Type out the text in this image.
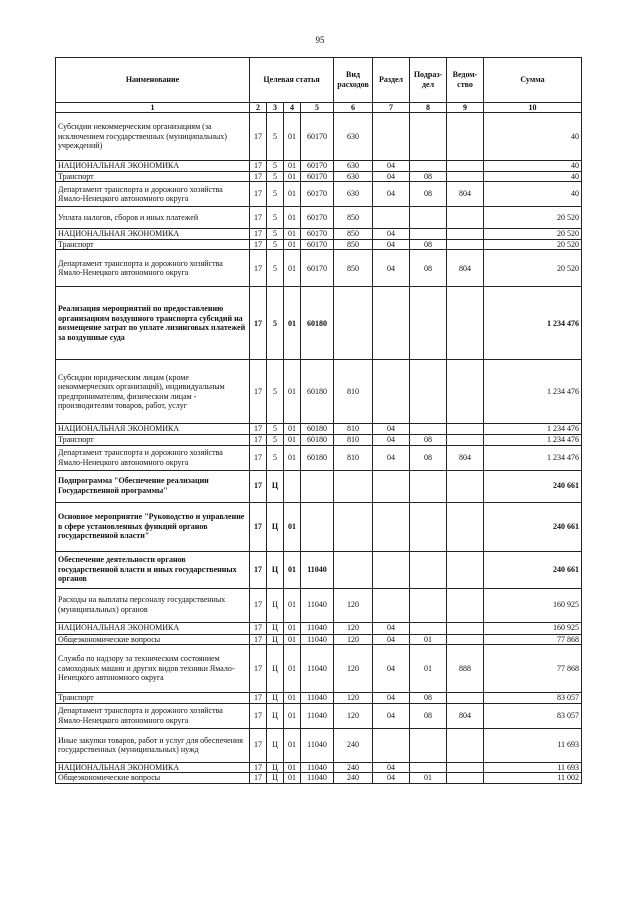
95
Наименование	Целевая статья				Вид расходов	Раздел	Подраз-дел	Ведом-ство	Сумма
1	2	3	4	5	6	7	8	9	10
Субсидии некоммерческим организациям (за исключением государственных (муниципальных) учреждений)	17	5	01	60170	630				40
НАЦИОНАЛЬНАЯ ЭКОНОМИКА	17	5	01	60170	630	04			40
Транспорт	17	5	01	60170	630	04	08		40
Департамент транспорта и дорожного хозяйства Ямало-Ненецкого автономного округа	17	5	01	60170	630	04	08	804	40
Уплата налогов, сборов и иных платежей	17	5	01	60170	850				20 520
НАЦИОНАЛЬНАЯ ЭКОНОМИКА	17	5	01	60170	850	04			20 520
Транспорт	17	5	01	60170	850	04	08		20 520
Департамент транспорта и дорожного хозяйства Ямало-Ненецкого автономного округа	17	5	01	60170	850	04	08	804	20 520
Реализация мероприятий по предоставлению организациям воздушного транспорта субсидий на возмещение затрат по уплате лизинговых платежей за воздушные суда	17	5	01	60180					1 234 476
Субсидии юридическим лицам (кроме некоммерческих организаций), индивидуальным предпринимателям, физическим лицам - производителям товаров, работ, услуг	17	5	01	60180	810				1 234 476
НАЦИОНАЛЬНАЯ ЭКОНОМИКА	17	5	01	60180	810	04			1 234 476
Транспорт	17	5	01	60180	810	04	08		1 234 476
Департамент транспорта и дорожного хозяйства Ямало-Ненецкого автономного округа	17	5	01	60180	810	04	08	804	1 234 476
Подпрограмма "Обеспечение реализации Государственной программы"	17	Ц							240 661
Основное мероприятие "Руководство и управление в сфере установленных функций органов государственной власти"	17	Ц	01						240 661
Обеспечение деятельности органов государственной власти и иных государственных органов	17	Ц	01	11040					240 661
Расходы на выплаты персоналу государственных (муниципальных) органов	17	Ц	01	11040	120				160 925
НАЦИОНАЛЬНАЯ ЭКОНОМИКА	17	Ц	01	11040	120	04			160 925
Общеэкономические вопросы	17	Ц	01	11040	120	04	01		77 868
Служба по надзору за техническим состоянием самоходных машин и других видов техники Ямало-Ненецкого автономного округа	17	Ц	01	11040	120	04	01	888	77 868
Транспорт	17	Ц	01	11040	120	04	08		83 057
Департамент транспорта и дорожного хозяйства Ямало-Ненецкого автономного округа	17	Ц	01	11040	120	04	08	804	83 057
Иные закупки товаров, работ и услуг для обеспечения государственных (муниципальных) нужд	17	Ц	01	11040	240				11 693
НАЦИОНАЛЬНАЯ ЭКОНОМИКА	17	Ц	01	11040	240	04			11 693
Общеэкономические вопросы	17	Ц	01	11040	240	04	01		11 002
